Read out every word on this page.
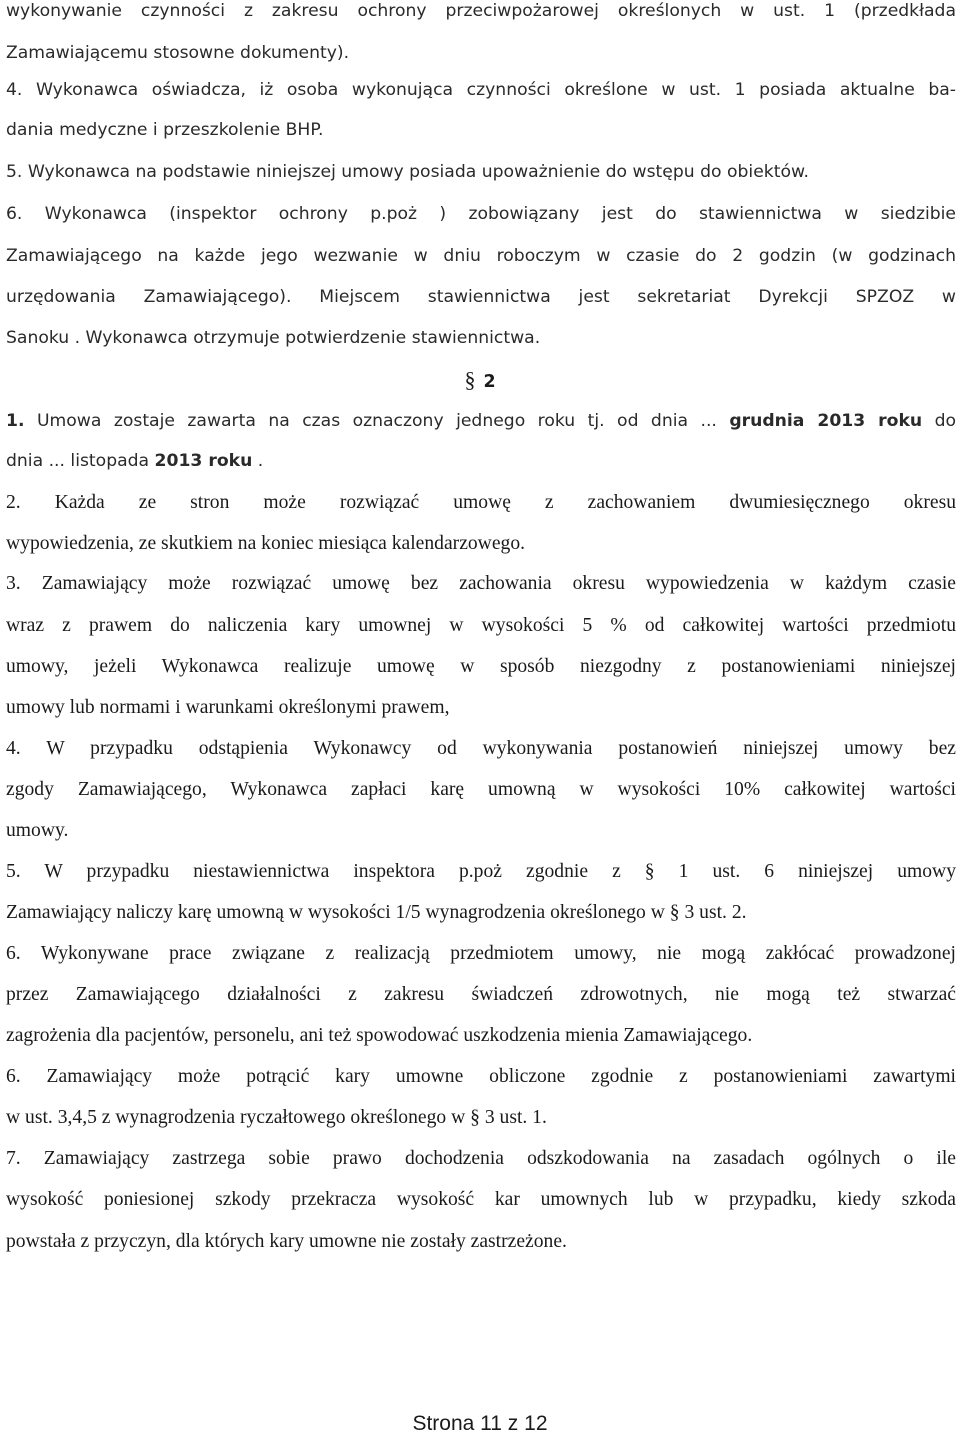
wykonywanie czynności z zakresu ochrony przeciwpożarowej określonych w ust. 1 (przedkłada
Zamawiającemu stosowne dokumenty).
4. Wykonawca oświadcza, iż osoba wykonująca czynności określone w ust. 1 posiada aktualne ba-
dania medyczne i przeszkolenie BHP.
5. Wykonawca na podstawie niniejszej umowy posiada upoważnienie do wstępu do obiektów.
6. Wykonawca (inspektor ochrony p.poż ) zobowiązany jest do stawiennictwa w siedzibie
Zamawiającego na każde jego wezwanie w dniu roboczym w czasie do 2 godzin (w godzinach
urzędowania Zamawiającego). Miejscem stawiennictwa jest sekretariat Dyrekcji SPZOZ w
Sanoku . Wykonawca otrzymuje potwierdzenie stawiennictwa.
§ 2
1. Umowa zostaje zawarta na czas oznaczony jednego roku tj. od dnia ... grudnia 2013 roku do
dnia ... listopada 2013 roku .
2. Każda ze stron może rozwiązać umowę z zachowaniem dwumiesięcznego okresu
wypowiedzenia, ze skutkiem na koniec miesiąca kalendarzowego.
3. Zamawiający może rozwiązać umowę bez zachowania okresu wypowiedzenia w każdym czasie
wraz z prawem do naliczenia kary umownej w wysokości 5 % od całkowitej wartości przedmiotu
umowy, jeżeli Wykonawca realizuje umowę w sposób niezgodny z postanowieniami niniejszej
umowy lub normami i warunkami określonymi prawem,
4. W przypadku odstąpienia Wykonawcy od wykonywania postanowień niniejszej umowy bez
zgody Zamawiającego, Wykonawca zapłaci karę umowną w wysokości 10% całkowitej wartości
umowy.
5. W przypadku niestawiennictwa inspektora p.poż zgodnie z § 1 ust. 6 niniejszej umowy
Zamawiający naliczy karę umowną w wysokości 1/5 wynagrodzenia określonego w § 3 ust. 2.
6. Wykonywane prace związane z realizacją przedmiotem umowy, nie mogą zakłócać prowadzonej
przez Zamawiającego działalności z zakresu świadczeń zdrowotnych, nie mogą też stwarzać
zagrożenia dla pacjentów, personelu, ani też spowodować uszkodzenia mienia Zamawiającego.
6. Zamawiający może potrącić kary umowne obliczone zgodnie z postanowieniami zawartymi
w ust. 3,4,5 z wynagrodzenia ryczałtowego określonego w § 3 ust. 1.
7. Zamawiający zastrzega sobie prawo dochodzenia odszkodowania na zasadach ogólnych o ile
wysokość poniesionej szkody przekracza wysokość kar umownych lub w przypadku, kiedy szkoda
powstała z przyczyn, dla których kary umowne nie zostały zastrzeżone.
Strona 11 z 12
